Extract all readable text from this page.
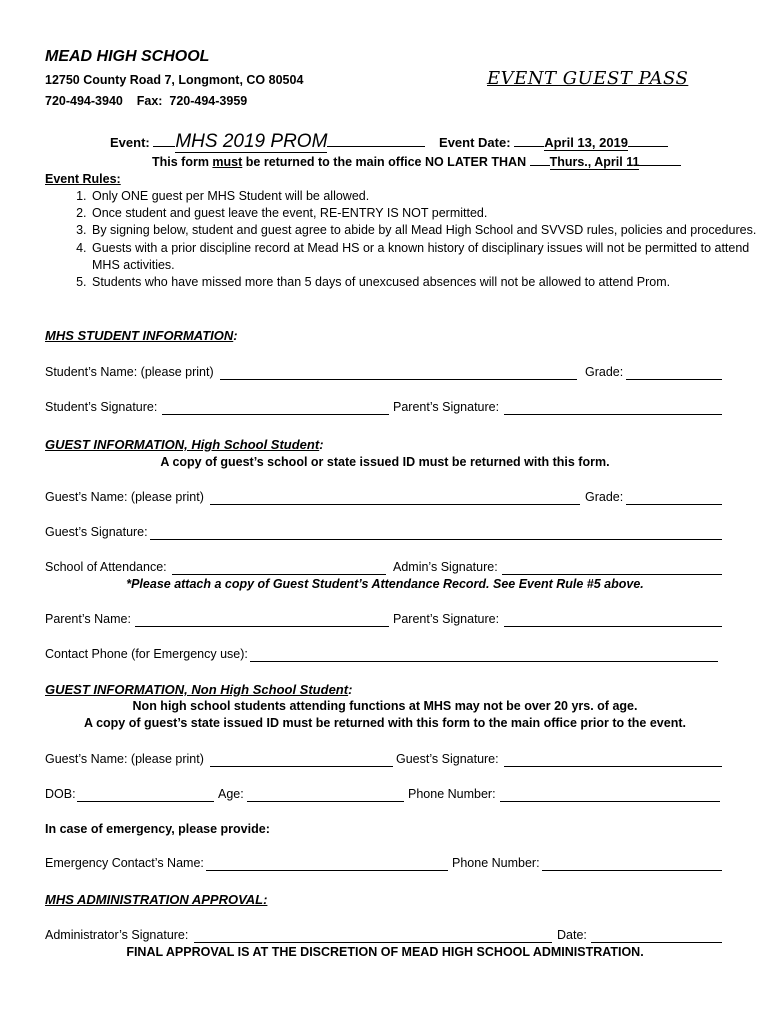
MEAD HIGH SCHOOL
12750 County Road 7, Longmont, CO 80504
720-494-3940    Fax:  720-494-3959
EVENT GUEST PASS
Event: MHS 2019 PROM	Event Date:	April 13, 2019
This form must be returned to the main office NO LATER THAN Thurs., April 11
Event Rules:
1. Only ONE guest per MHS Student will be allowed.
2. Once student and guest leave the event, RE-ENTRY IS NOT permitted.
3. By signing below, student and guest agree to abide by all Mead High School and SVVSD rules, policies and procedures.
4. Guests with a prior discipline record at Mead HS or a known history of disciplinary issues will not be permitted to attend MHS activities.
5. Students who have missed more than 5 days of unexcused absences will not be allowed to attend Prom.
MHS STUDENT INFORMATION:
Student’s Name: (please print)	Grade:
Student’s Signature:	Parent’s Signature:
GUEST INFORMATION, High School Student:
A copy of guest’s school or state issued ID must be returned with this form.
Guest’s Name: (please print)	Grade:
Guest’s Signature:
School of Attendance:	Admin’s Signature:
*Please attach a copy of Guest Student’s Attendance Record. See Event Rule #5 above.
Parent’s Name:	Parent’s Signature:
Contact Phone (for Emergency use):
GUEST INFORMATION, Non High School Student:
Non high school students attending functions at MHS may not be over 20 yrs. of age.
A copy of guest’s state issued ID must be returned with this form to the main office prior to the event.
Guest’s Name: (please print)	Guest’s Signature:
DOB:	Age:	Phone Number:
In case of emergency, please provide:
Emergency Contact’s Name:	Phone Number:
MHS ADMINISTRATION APPROVAL:
Administrator’s Signature:	Date:
FINAL APPROVAL IS AT THE DISCRETION OF MEAD HIGH SCHOOL ADMINISTRATION.
